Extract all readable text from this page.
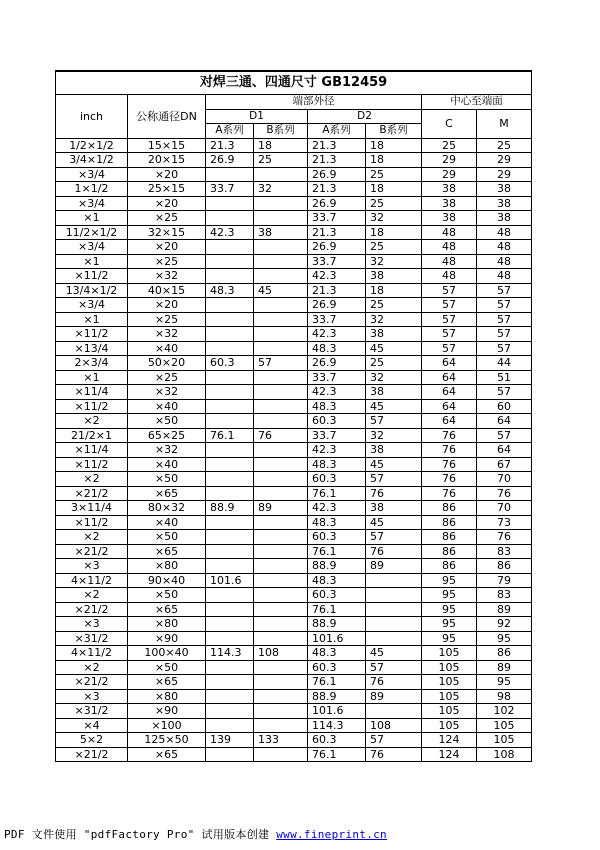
对焊三通、四通尺寸 GB12459							
inch	公称通径DN	端部外径				中心至端面	
		D1		D2		C	M
		A系列	B系列	A系列	B系列		
1/2×1/2	15×15	21.3	18	21.3	18	25	25
3/4×1/2	20×15	26.9	25	21.3	18	29	29
×3/4	×20			26.9	25	29	29
1×1/2	25×15	33.7	32	21.3	18	38	38
×3/4	×20			26.9	25	38	38
×1	×25			33.7	32	38	38
11/2×1/2	32×15	42.3	38	21.3	18	48	48
×3/4	×20			26.9	25	48	48
×1	×25			33.7	32	48	48
×11/2	×32			42.3	38	48	48
13/4×1/2	40×15	48.3	45	21.3	18	57	57
×3/4	×20			26.9	25	57	57
×1	×25			33.7	32	57	57
×11/2	×32			42.3	38	57	57
×13/4	×40			48.3	45	57	57
2×3/4	50×20	60.3	57	26.9	25	64	44
×1	×25			33.7	32	64	51
×11/4	×32			42.3	38	64	57
×11/2	×40			48.3	45	64	60
×2	×50			60.3	57	64	64
21/2×1	65×25	76.1	76	33.7	32	76	57
×11/4	×32			42.3	38	76	64
×11/2	×40			48.3	45	76	67
×2	×50			60.3	57	76	70
×21/2	×65			76.1	76	76	76
3×11/4	80×32	88.9	89	42.3	38	86	70
×11/2	×40			48.3	45	86	73
×2	×50			60.3	57	86	76
×21/2	×65			76.1	76	86	83
×3	×80			88.9	89	86	86
4×11/2	90×40	101.6		48.3		95	79
×2	×50			60.3		95	83
×21/2	×65			76.1		95	89
×3	×80			88.9		95	92
×31/2	×90			101.6		95	95
4×11/2	100×40	114.3	108	48.3	45	105	86
×2	×50			60.3	57	105	89
×21/2	×65			76.1	76	105	95
×3	×80			88.9	89	105	98
×31/2	×90			101.6		105	102
×4	×100			114.3	108	105	105
5×2	125×50	139	133	60.3	57	124	105
×21/2	×65			76.1	76	124	108
PDF 文件使用 "pdfFactory Pro" 试用版本创建 www.fineprint.cn
